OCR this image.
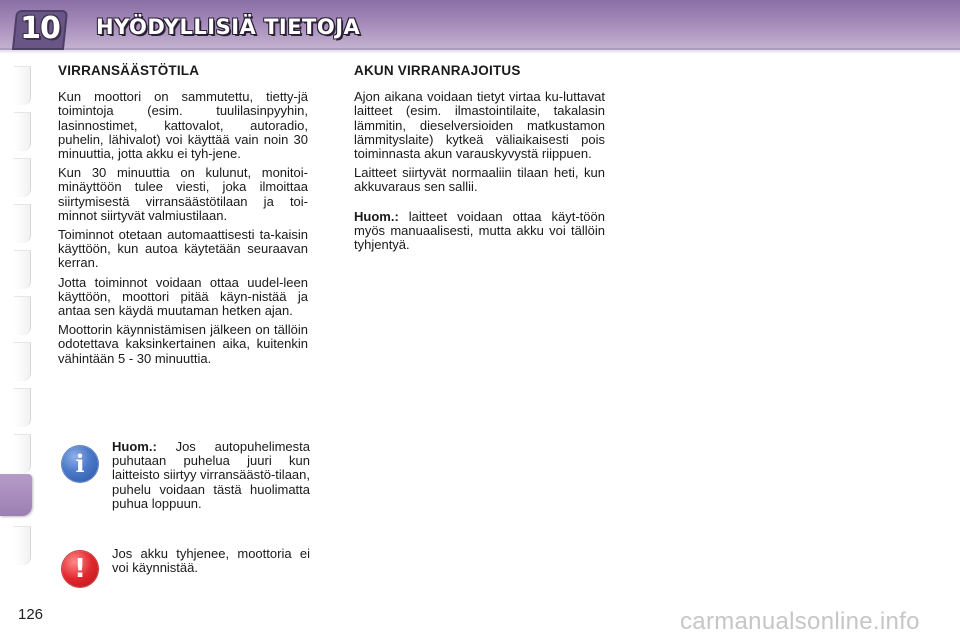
10	HYÖDYLLISIÄ TIETOJA
VIRRANSÄÄSTÖTILA

Kun moottori on sammutettu, tietty-jä toimintoja (esim. tuulilasinpyyhin, lasinnostimet, kattovalot, autoradio, puhelin, lähivalot) voi käyttää vain noin 30 minuuttia, jotta akku ei tyh-jene.

Kun 30 minuuttia on kulunut, monitoi-minäyttöön tulee viesti, joka ilmoittaa siirtymisestä virransäästötilaan ja toi-minnot siirtyvät valmiustilaan.

Toiminnot otetaan automaattisesti ta-kaisin käyttöön, kun autoa käytetään seuraavan kerran.

Jotta toiminnot voidaan ottaa uudel-leen käyttöön, moottori pitää käyn-nistää ja antaa sen käydä muutaman hetken ajan.

Moottorin käynnistämisen jälkeen on tällöin odotettava kaksinkertainen aika, kuitenkin vähintään 5 - 30 minuuttia.

AKUN VIRRANRAJOITUS

Ajon aikana voidaan tietyt virtaa ku-luttavat laitteet (esim. ilmastointilaite, takalasin lämmitin, dieselversioiden matkustamon lämmityslaite) kytkeä väliaikaisesti pois toiminnasta akun varauskyvystä riippuen.

Laitteet siirtyvät normaaliin tilaan heti, kun akkuvaraus sen sallii.

Huom.: laitteet voidaan ottaa käyt-töön myös manuaalisesti, mutta akku voi tällöin tyhjentyä.

i
Huom.: Jos autopuhelimesta puhutaan puhelua juuri kun laitteisto siirtyy virransäästö-tilaan, puhelu voidaan tästä huolimatta puhua loppuun.
!
Jos akku tyhjenee, moottoria ei voi käynnistää.
126	carmanualsonline.info
